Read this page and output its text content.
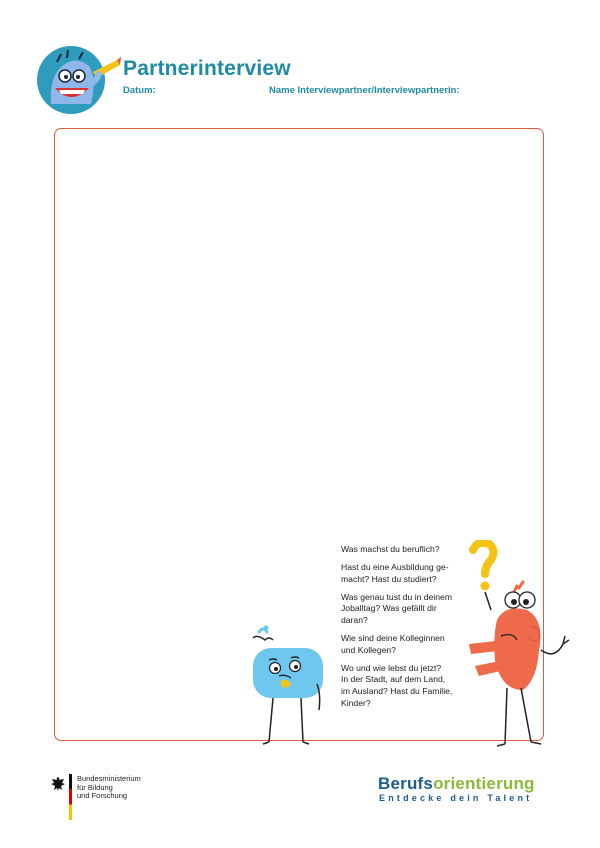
Partnerinterview
Datum:	Name Interviewpartner/Interviewpartnerin:

Was machst du beruflich?

Hast du eine Ausbildung ge-
macht? Hast du studiert?

Was genau tust du in deinem
Joballtag? Was gefällt dir
daran?

Wie sind deine Kolleginnen
und Kollegen?

Wo und wie lebst du jetzt?
In der Stadt, auf dem Land,
im Ausland? Hast du Familie,
Kinder?

Bundesministerium
für Bildung
und Forschung
Berufsorientierung
Entdecke dein Talent
